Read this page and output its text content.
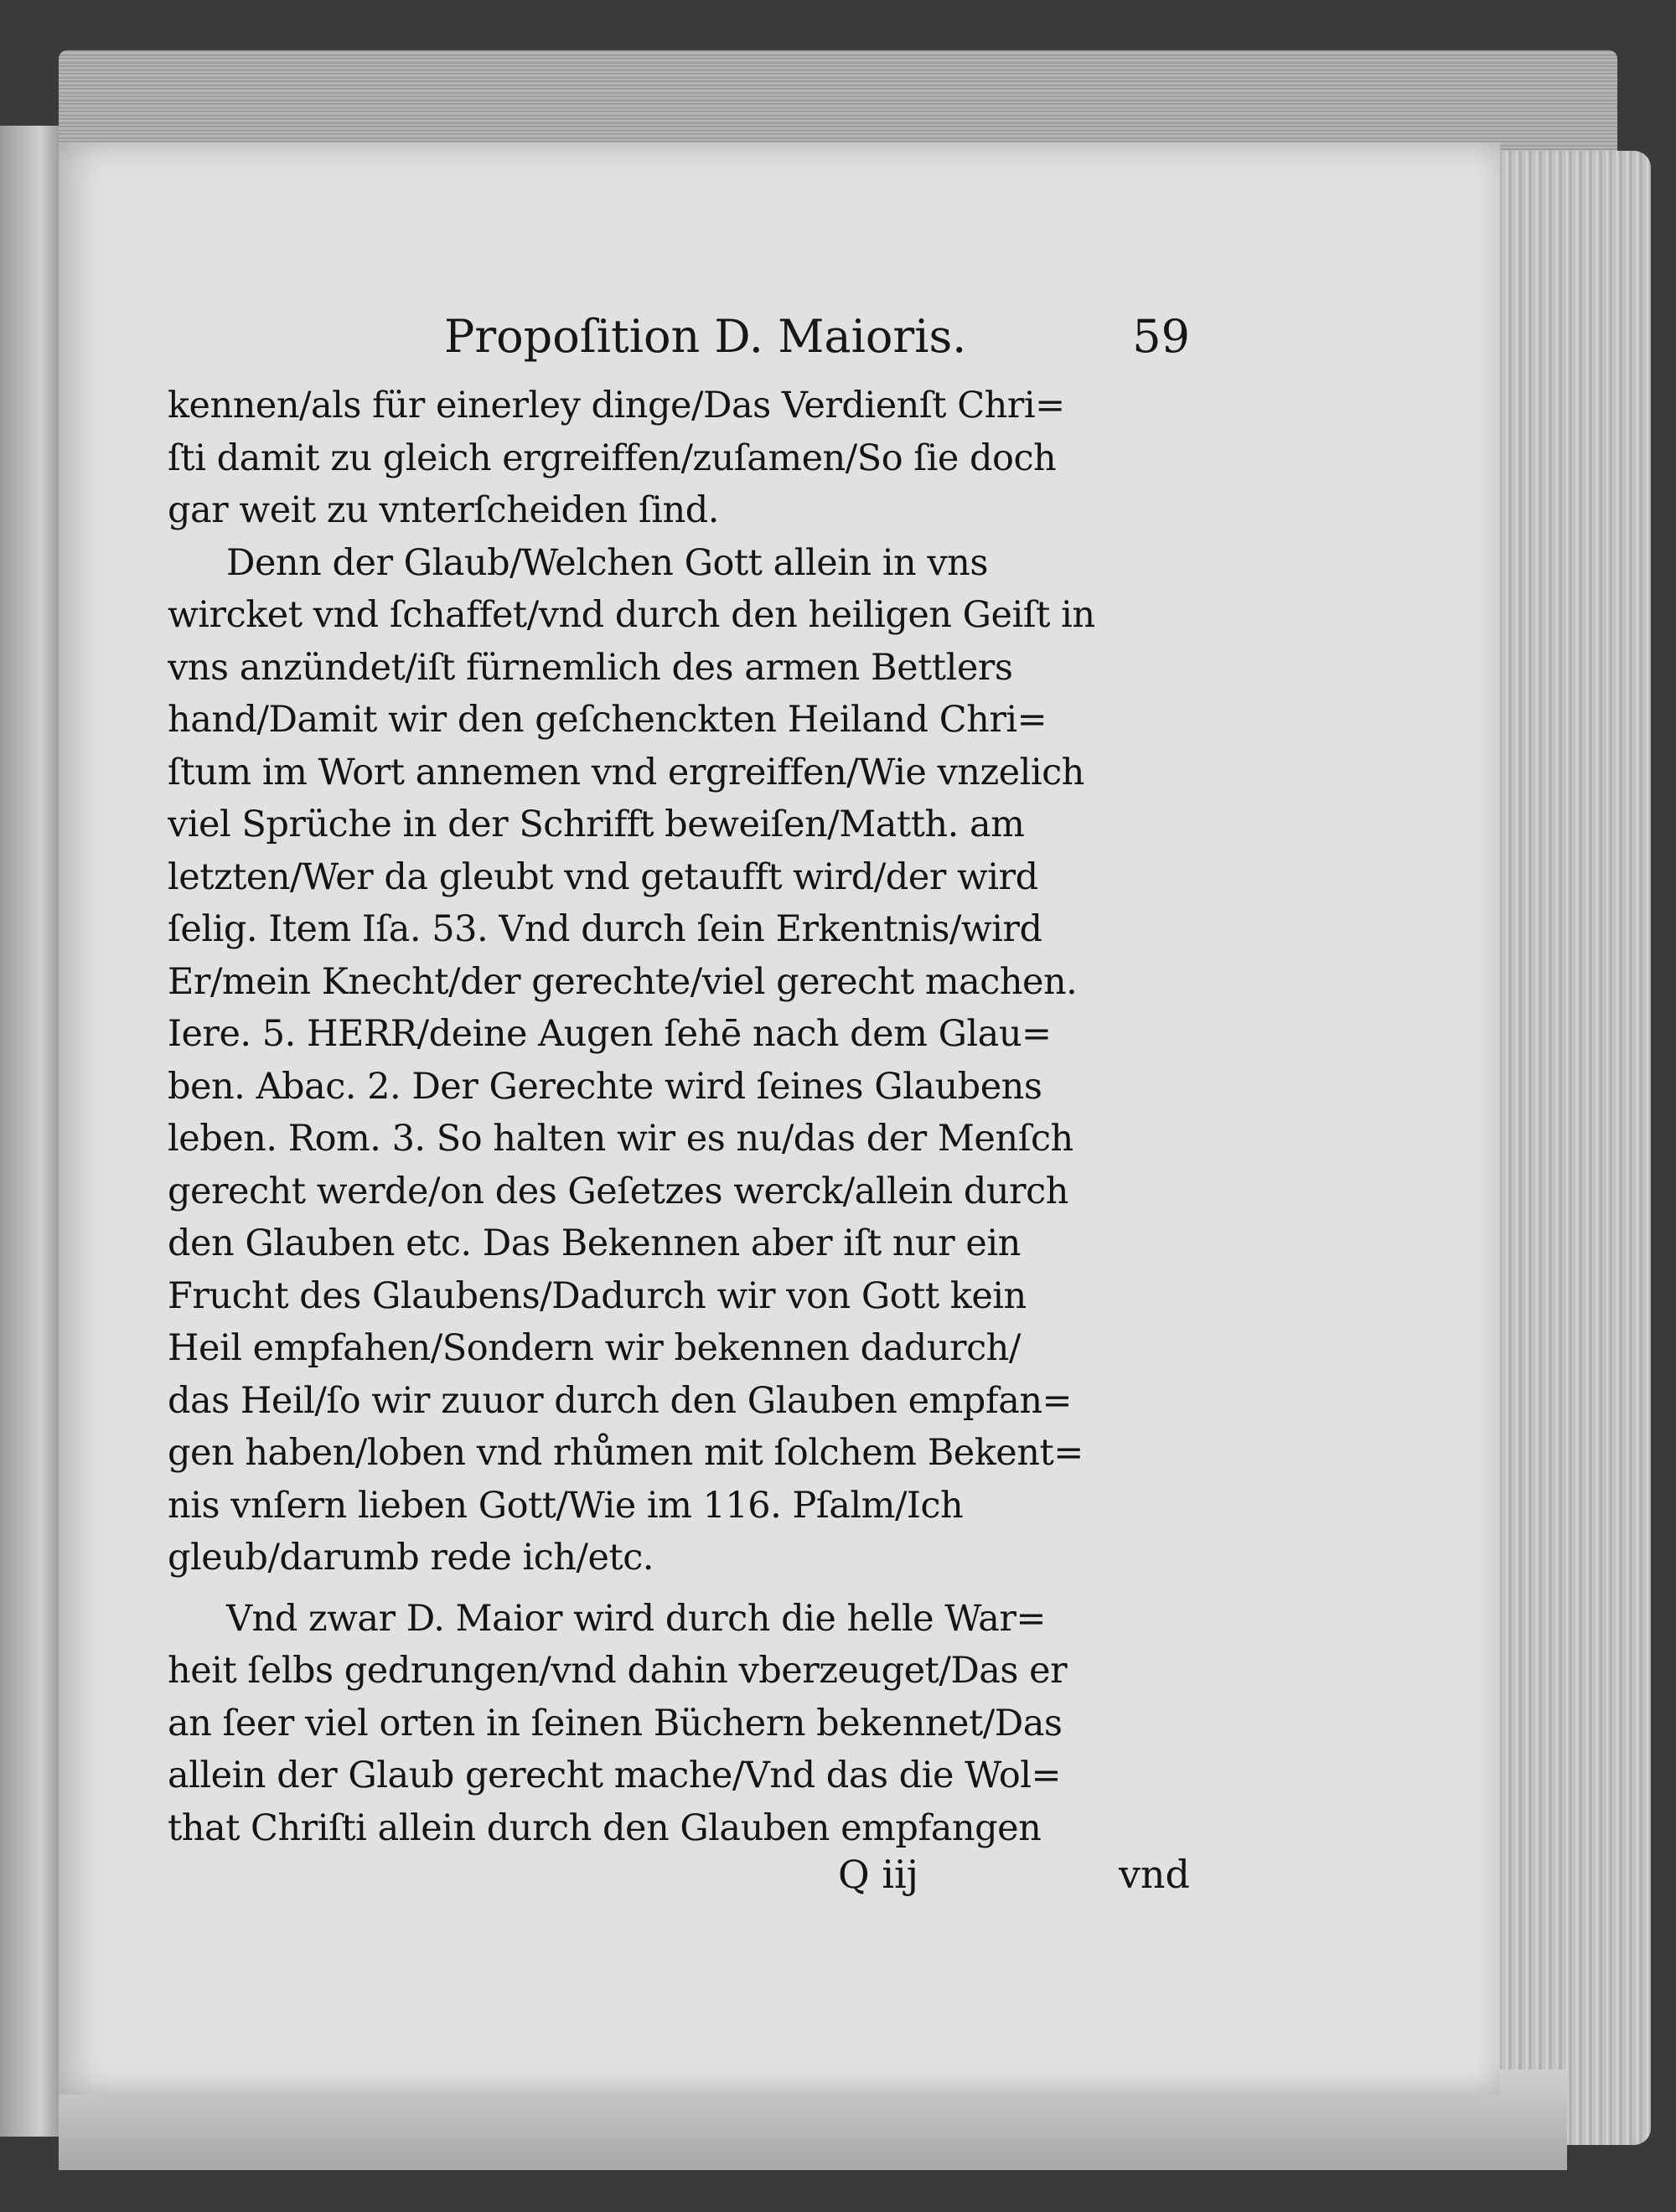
Propoſition D. Maioris.	59
kennen/als für einerley dinge/Das Verdienſt Chri=
ſti damit zu gleich ergreiffen/zuſamen/So ſie doch
gar weit zu vnterſcheiden ſind.
Denn der Glaub/Welchen Gott allein in vns
wircket vnd ſchaffet/vnd durch den heiligen Geiſt in
vns anzündet/iſt fürnemlich des armen Bettlers
hand/Damit wir den geſchenckten Heiland Chri=
ſtum im Wort annemen vnd ergreiffen/Wie vnzelich
viel Sprüche in der Schrifft beweiſen/Matth. am
letzten/Wer da gleubt vnd getaufft wird/der wird
ſelig. Item Iſa. 53. Vnd durch ſein Erkentnis/wird
Er/mein Knecht/der gerechte/viel gerecht machen.
Iere. 5. HERR/deine Augen ſehē nach dem Glau=
ben. Abac. 2. Der Gerechte wird ſeines Glaubens
leben. Rom. 3. So halten wir es nu/das der Menſch
gerecht werde/on des Geſetzes werck/allein durch
den Glauben etc. Das Bekennen aber iſt nur ein
Frucht des Glaubens/Dadurch wir von Gott kein
Heil empfahen/Sondern wir bekennen dadurch/
das Heil/ſo wir zuuor durch den Glauben empfan=
gen haben/loben vnd rhůmen mit ſolchem Bekent=
nis vnſern lieben Gott/Wie im 116. Pſalm/Ich
gleub/darumb rede ich/etc.
Vnd zwar D. Maior wird durch die helle War=
heit ſelbs gedrungen/vnd dahin vberzeuget/Das er
an ſeer viel orten in ſeinen Büchern bekennet/Das
allein der Glaub gerecht mache/Vnd das die Wol=
that Chriſti allein durch den Glauben empfangen
Q iij	vnd
